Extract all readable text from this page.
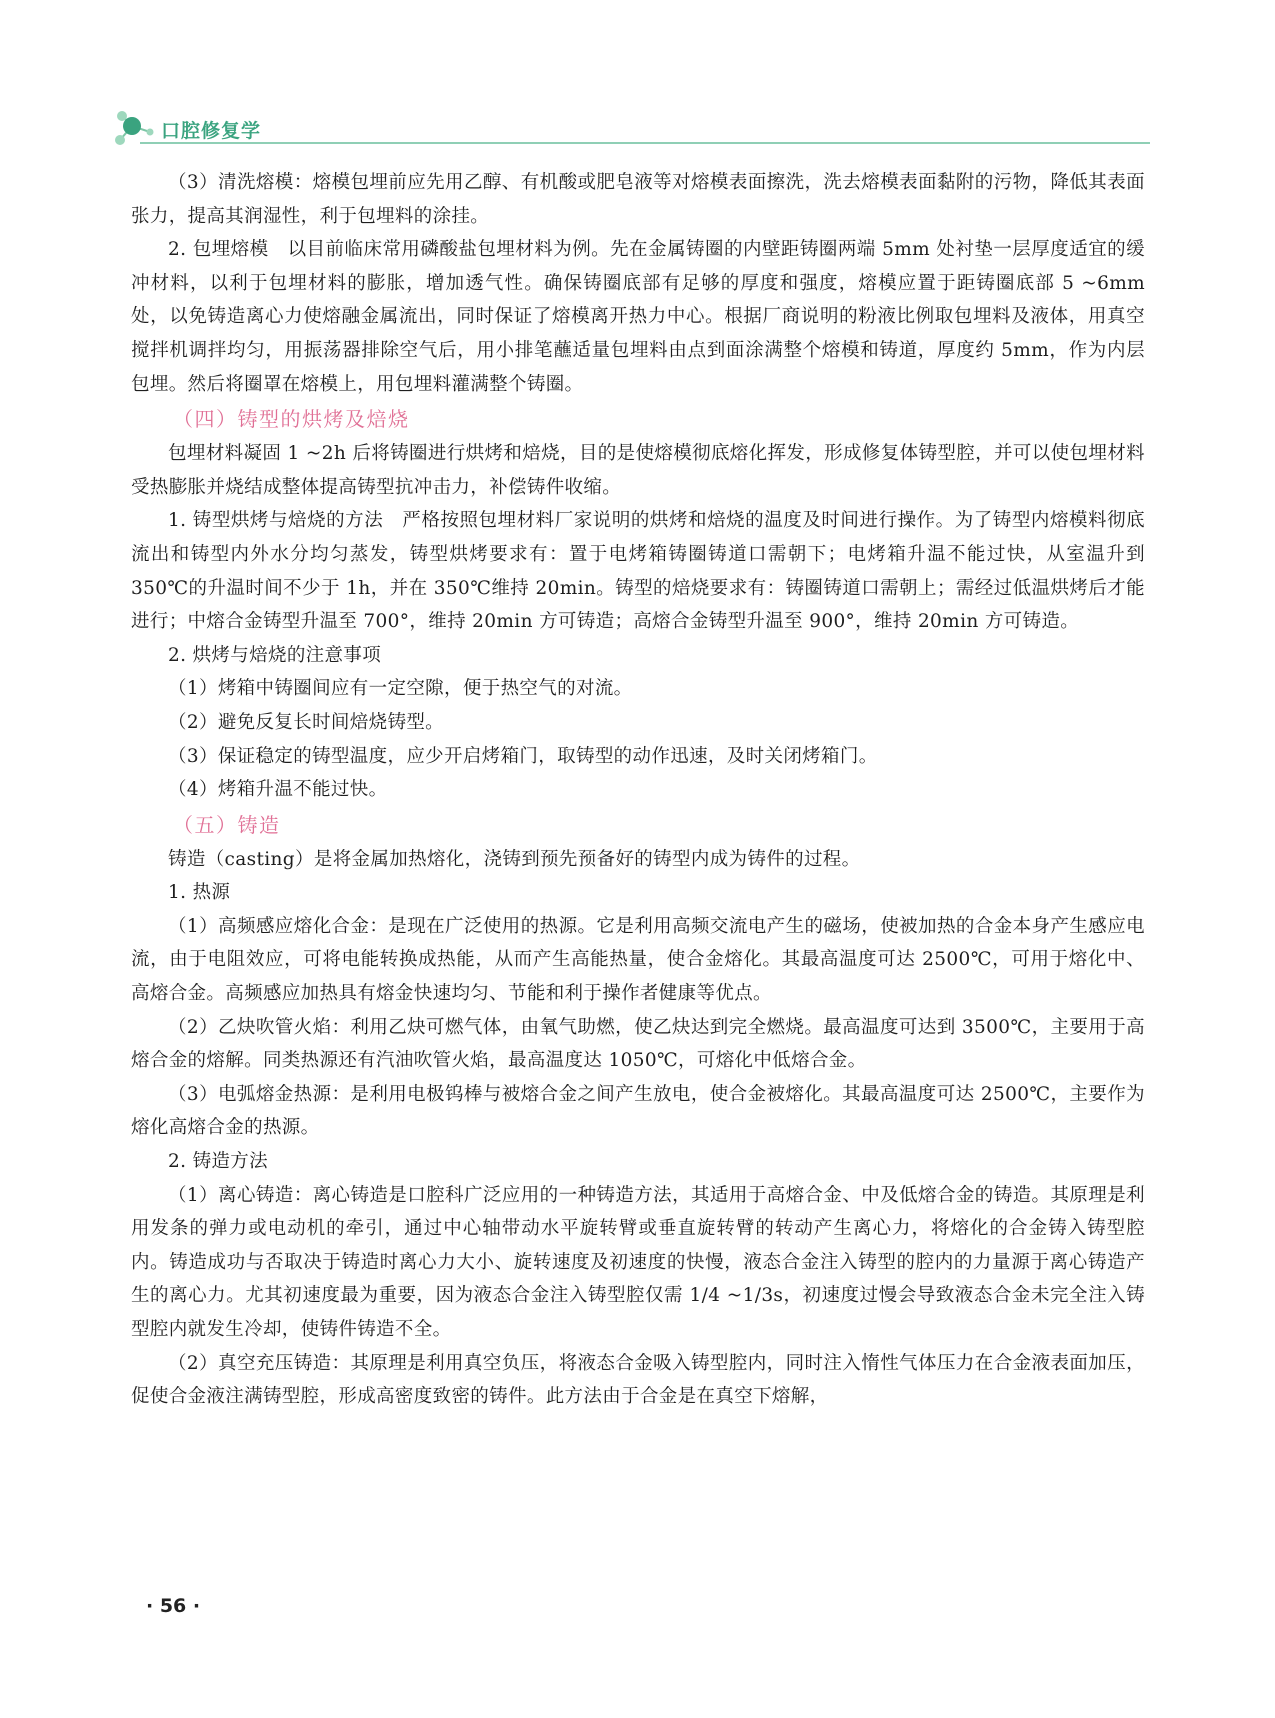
口腔修复学

（3）清洗熔模：熔模包埋前应先用乙醇、有机酸或肥皂液等对熔模表面擦洗，洗去熔模表面黏附的污物，降低其表面张力，提高其润湿性，利于包埋料的涂挂。

2. 包埋熔模　以目前临床常用磷酸盐包埋材料为例。先在金属铸圈的内壁距铸圈两端 5mm 处衬垫一层厚度适宜的缓冲材料，以利于包埋材料的膨胀，增加透气性。确保铸圈底部有足够的厚度和强度，熔模应置于距铸圈底部 5 ~6mm 处，以免铸造离心力使熔融金属流出，同时保证了熔模离开热力中心。根据厂商说明的粉液比例取包埋料及液体，用真空搅拌机调拌均匀，用振荡器排除空气后，用小排笔蘸适量包埋料由点到面涂满整个熔模和铸道，厚度约 5mm，作为内层包埋。然后将圈罩在熔模上，用包埋料灌满整个铸圈。

（四）铸型的烘烤及焙烧

包埋材料凝固 1 ~2h 后将铸圈进行烘烤和焙烧，目的是使熔模彻底熔化挥发，形成修复体铸型腔，并可以使包埋材料受热膨胀并烧结成整体提高铸型抗冲击力，补偿铸件收缩。

1. 铸型烘烤与焙烧的方法　严格按照包埋材料厂家说明的烘烤和焙烧的温度及时间进行操作。为了铸型内熔模料彻底流出和铸型内外水分均匀蒸发，铸型烘烤要求有：置于电烤箱铸圈铸道口需朝下；电烤箱升温不能过快，从室温升到 350℃的升温时间不少于 1h，并在 350℃维持 20min。铸型的焙烧要求有：铸圈铸道口需朝上；需经过低温烘烤后才能进行；中熔合金铸型升温至 700°，维持 20min 方可铸造；高熔合金铸型升温至 900°，维持 20min 方可铸造。

2. 烘烤与焙烧的注意事项

（1）烤箱中铸圈间应有一定空隙，便于热空气的对流。

（2）避免反复长时间焙烧铸型。

（3）保证稳定的铸型温度，应少开启烤箱门，取铸型的动作迅速，及时关闭烤箱门。

（4）烤箱升温不能过快。

（五）铸造

铸造（casting）是将金属加热熔化，浇铸到预先预备好的铸型内成为铸件的过程。

1. 热源

（1）高频感应熔化合金：是现在广泛使用的热源。它是利用高频交流电产生的磁场，使被加热的合金本身产生感应电流，由于电阻效应，可将电能转换成热能，从而产生高能热量，使合金熔化。其最高温度可达 2500℃，可用于熔化中、高熔合金。高频感应加热具有熔金快速均匀、节能和利于操作者健康等优点。

（2）乙炔吹管火焰：利用乙炔可燃气体，由氧气助燃，使乙炔达到完全燃烧。最高温度可达到 3500℃，主要用于高熔合金的熔解。同类热源还有汽油吹管火焰，最高温度达 1050℃，可熔化中低熔合金。

（3）电弧熔金热源：是利用电极钨棒与被熔合金之间产生放电，使合金被熔化。其最高温度可达 2500℃，主要作为熔化高熔合金的热源。

2. 铸造方法

（1）离心铸造：离心铸造是口腔科广泛应用的一种铸造方法，其适用于高熔合金、中及低熔合金的铸造。其原理是利用发条的弹力或电动机的牵引，通过中心轴带动水平旋转臂或垂直旋转臂的转动产生离心力，将熔化的合金铸入铸型腔内。铸造成功与否取决于铸造时离心力大小、旋转速度及初速度的快慢，液态合金注入铸型的腔内的力量源于离心铸造产生的离心力。尤其初速度最为重要，因为液态合金注入铸型腔仅需 1/4 ~1/3s，初速度过慢会导致液态合金未完全注入铸型腔内就发生冷却，使铸件铸造不全。

（2）真空充压铸造：其原理是利用真空负压，将液态合金吸入铸型腔内，同时注入惰性气体压力在合金液表面加压，促使合金液注满铸型腔，形成高密度致密的铸件。此方法由于合金是在真空下熔解，

· 56 ·
